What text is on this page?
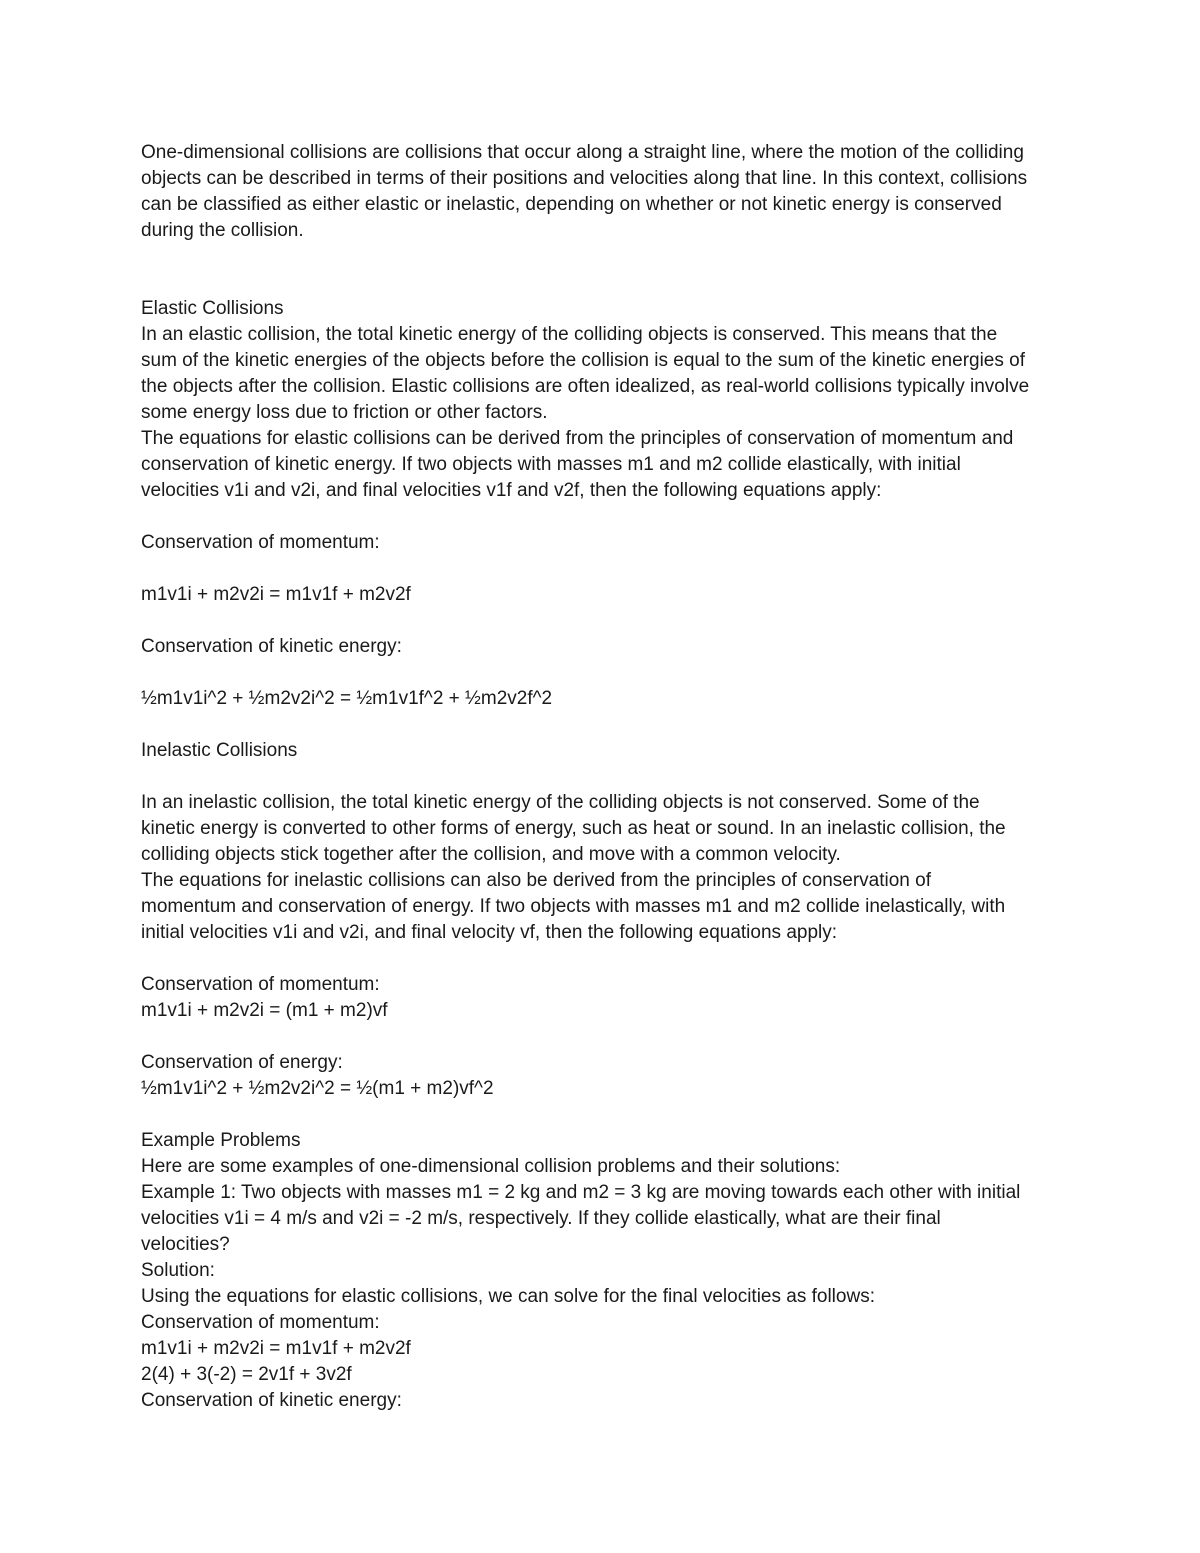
One-dimensional collisions are collisions that occur along a straight line, where the motion of the colliding
objects can be described in terms of their positions and velocities along that line. In this context, collisions
can be classified as either elastic or inelastic, depending on whether or not kinetic energy is conserved
during the collision.
Elastic Collisions
In an elastic collision, the total kinetic energy of the colliding objects is conserved. This means that the
sum of the kinetic energies of the objects before the collision is equal to the sum of the kinetic energies of
the objects after the collision. Elastic collisions are often idealized, as real-world collisions typically involve
some energy loss due to friction or other factors.
The equations for elastic collisions can be derived from the principles of conservation of momentum and
conservation of kinetic energy. If two objects with masses m1 and m2 collide elastically, with initial
velocities v1i and v2i, and final velocities v1f and v2f, then the following equations apply:
Conservation of momentum:
m1v1i + m2v2i = m1v1f + m2v2f
Conservation of kinetic energy:
½m1v1i^2 + ½m2v2i^2 = ½m1v1f^2 + ½m2v2f^2
Inelastic Collisions
In an inelastic collision, the total kinetic energy of the colliding objects is not conserved. Some of the
kinetic energy is converted to other forms of energy, such as heat or sound. In an inelastic collision, the
colliding objects stick together after the collision, and move with a common velocity.
The equations for inelastic collisions can also be derived from the principles of conservation of
momentum and conservation of energy. If two objects with masses m1 and m2 collide inelastically, with
initial velocities v1i and v2i, and final velocity vf, then the following equations apply:
Conservation of momentum:
m1v1i + m2v2i = (m1 + m2)vf
Conservation of energy:
½m1v1i^2 + ½m2v2i^2 = ½(m1 + m2)vf^2
Example Problems
Here are some examples of one-dimensional collision problems and their solutions:
Example 1: Two objects with masses m1 = 2 kg and m2 = 3 kg are moving towards each other with initial
velocities v1i = 4 m/s and v2i = -2 m/s, respectively. If they collide elastically, what are their final
velocities?
Solution:
Using the equations for elastic collisions, we can solve for the final velocities as follows:
Conservation of momentum:
m1v1i + m2v2i = m1v1f + m2v2f
2(4) + 3(-2) = 2v1f + 3v2f
Conservation of kinetic energy:
